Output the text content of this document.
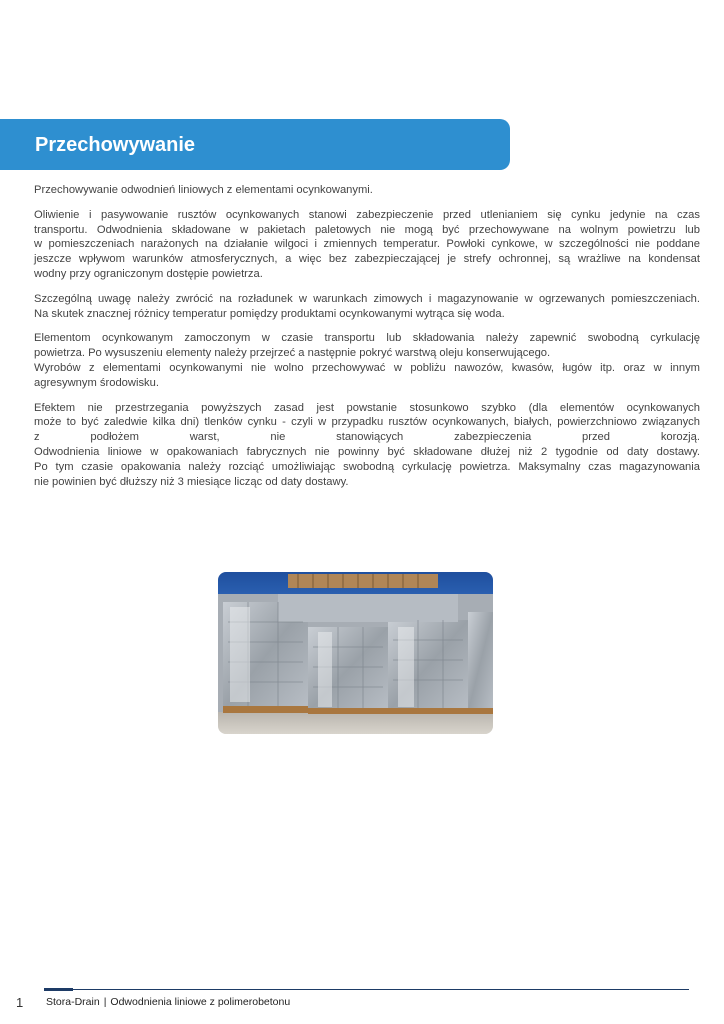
Przechowywanie

Przechowywanie odwodnień liniowych z elementami ocynkowanymi.

Oliwienie i pasywowanie rusztów ocynkowanych stanowi zabezpieczenie przed utlenianiem się cynku jedynie na czas
transportu. Odwodnienia składowane w pakietach paletowych nie mogą być przechowywane na wolnym powietrzu lub
w pomieszczeniach narażonych na działanie wilgoci i zmiennych temperatur. Powłoki cynkowe, w szczególności nie poddane
jeszcze wpływom warunków atmosferycznych, a więc bez zabezpieczającej je strefy ochronnej, są wrażliwe na kondensat
wodny przy ograniczonym dostępie powietrza.

Szczególną uwagę należy zwrócić na rozładunek w warunkach zimowych i magazynowanie w ogrzewanych pomieszczeniach.
Na skutek znacznej różnicy temperatur pomiędzy produktami ocynkowanymi wytrąca się woda.

Elementom ocynkowanym zamoczonym w czasie transportu lub składowania należy zapewnić swobodną cyrkulację
powietrza. Po wysuszeniu elementy należy przejrzeć a następnie pokryć warstwą oleju konserwującego.
Wyrobów z elementami ocynkowanymi nie wolno przechowywać w pobliżu nawozów, kwasów, ługów itp. oraz w innym
agresywnym środowisku.

Efektem nie przestrzegania powyższych zasad jest powstanie stosunkowo szybko (dla elementów ocynkowanych
może to być zaledwie kilka dni) tlenków cynku - czyli w przypadku rusztów ocynkowanych, białych, powierzchniowo związanych
z podłożem warst, nie stanowiących zabezpieczenia przed korozją.
Odwodnienia liniowe w opakowaniach fabrycznych nie powinny być składowane dłużej niż 2 tygodnie od daty dostawy.
Po tym czasie opakowania należy rozciąć umożliwiając swobodną cyrkulację powietrza. Maksymalny czas magazynowania
nie powinien być dłuższy niż 3 miesiące licząc od daty dostawy.

1 Stora-Drain | Odwodnienia liniowe z polimerobetonu
